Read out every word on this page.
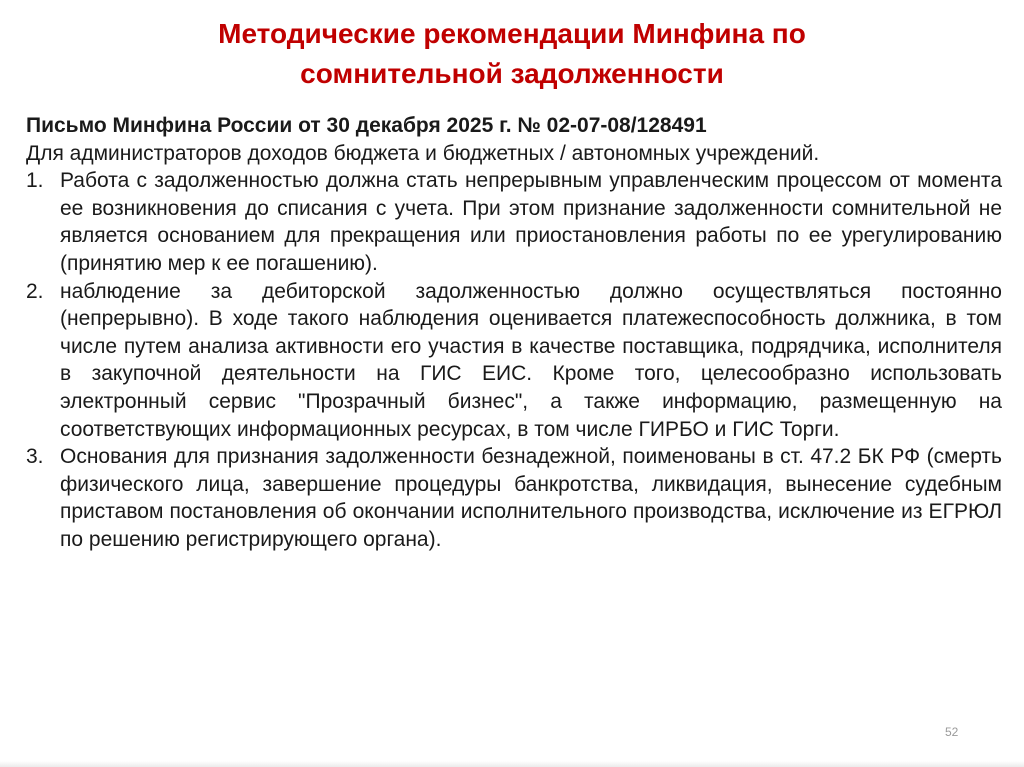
Методические рекомендации Минфина по
сомнительной задолженности

Письмо Минфина России от 30 декабря 2025 г. № 02-07-08/128491

Для администраторов доходов бюджета и бюджетных / автономных учреждений.

1. Работа с задолженностью должна стать непрерывным управленческим процессом от момента ее возникновения до списания с учета. При этом признание задолженности сомнительной не является основанием для прекращения или приостановления работы по ее урегулированию (принятию мер к ее погашению).
2. наблюдение за дебиторской задолженностью должно осуществляться постоянно (непрерывно). В ходе такого наблюдения оценивается платежеспособность должника, в том числе путем анализа активности его участия в качестве поставщика, подрядчика, исполнителя в закупочной деятельности на ГИС ЕИС. Кроме того, целесообразно использовать электронный сервис "Прозрачный бизнес", а также информацию, размещенную на соответствующих информационных ресурсах, в том числе ГИРБО и ГИС Торги.
3. Основания для признания задолженности безнадежной, поименованы в ст. 47.2 БК РФ (смерть физического лица, завершение процедуры банкротства, ликвидация, вынесение судебным приставом постановления об окончании исполнительного производства, исключение из ЕГРЮЛ по решению регистрирующего органа).
52
